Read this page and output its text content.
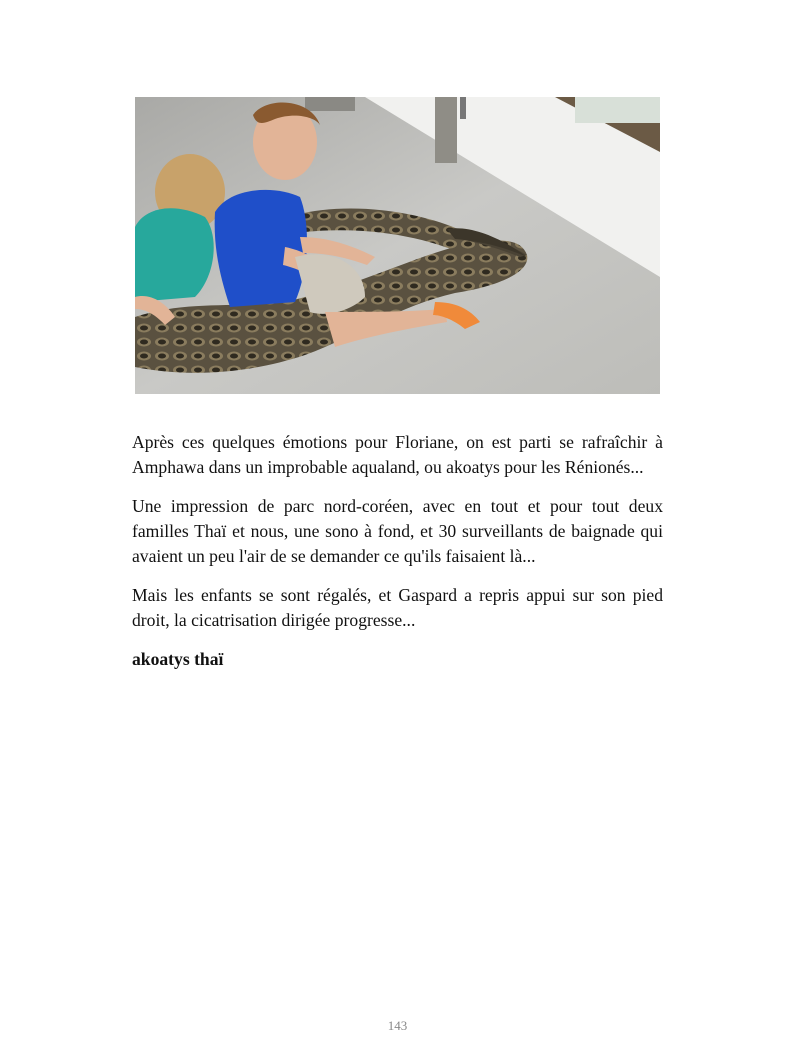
Après ces quelques émotions pour Floriane, on est parti se rafraîchir à Amphawa dans un improbable aqualand, ou akoatys pour les Rénionés...

Une impression de parc nord-coréen, avec en tout et pour tout deux familles Thaï et nous, une sono à fond, et 30 surveillants de baignade qui avaient un peu l'air de se demander ce qu'ils faisaient là...

Mais les enfants se sont régalés, et Gaspard a repris appui sur son pied droit, la cicatrisation dirigée progresse...

akoatys thaï

143
